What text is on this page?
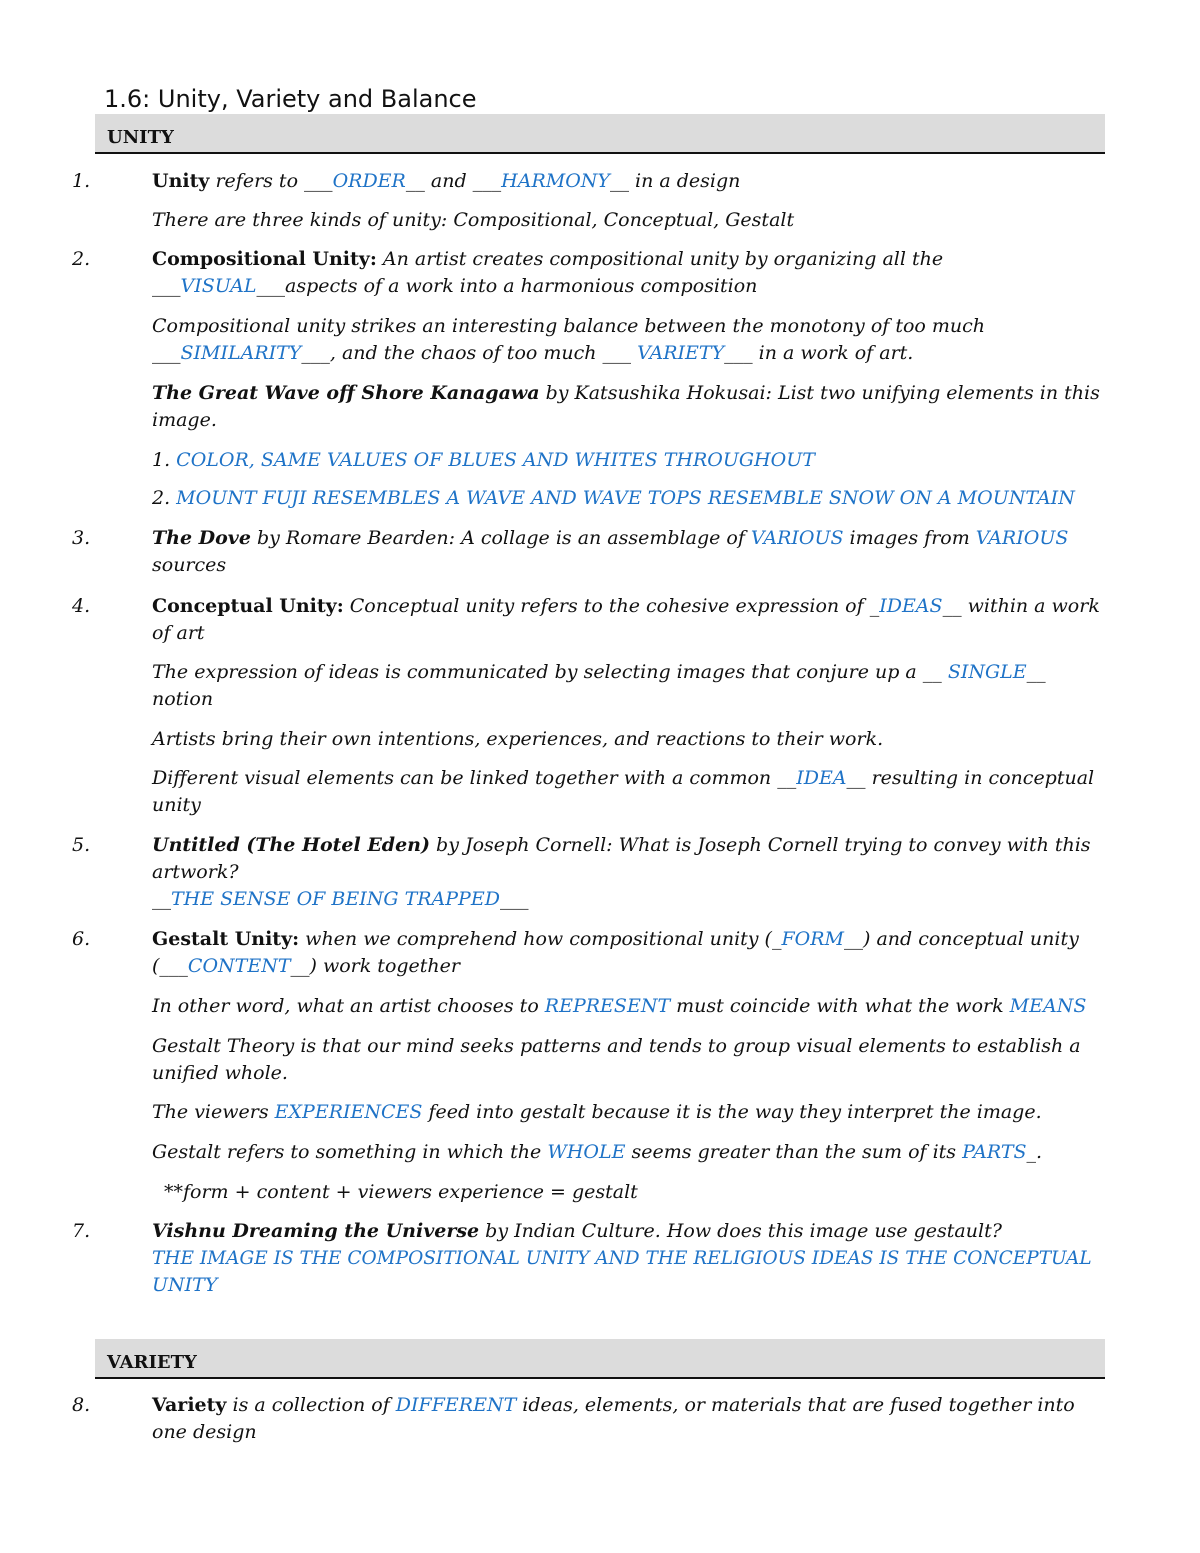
1.6: Unity, Variety and Balance
UNITY
1.	Unity refers to ___ORDER__ and ___HARMONY__ in a design
There are three kinds of unity: Compositional, Conceptual, Gestalt
2.	Compositional Unity: An artist creates compositional unity by organizing all the
___VISUAL___aspects of a work into a harmonious composition
Compositional unity strikes an interesting balance between the monotony of too much
___SIMILARITY___, and the chaos of too much ___ VARIETY___ in a work of art.
The Great Wave off Shore Kanagawa by Katsushika Hokusai: List two unifying elements in this
image.
1. COLOR, SAME VALUES OF BLUES AND WHITES THROUGHOUT
2. MOUNT FUJI RESEMBLES A WAVE AND WAVE TOPS RESEMBLE SNOW ON A MOUNTAIN
3.	The Dove by Romare Bearden: A collage is an assemblage of VARIOUS images from VARIOUS
sources
4.	Conceptual Unity: Conceptual unity refers to the cohesive expression of _IDEAS__ within a work
of art
The expression of ideas is communicated by selecting images that conjure up a __ SINGLE__
notion
Artists bring their own intentions, experiences, and reactions to their work.
Different visual elements can be linked together with a common __IDEA__ resulting in conceptual
unity
5.	Untitled (The Hotel Eden) by Joseph Cornell: What is Joseph Cornell trying to convey with this
artwork?
__THE SENSE OF BEING TRAPPED___
6.	Gestalt Unity: when we comprehend how compositional unity (_FORM__) and conceptual unity
(___CONTENT__) work together
In other word, what an artist chooses to REPRESENT must coincide with what the work MEANS
Gestalt Theory is that our mind seeks patterns and tends to group visual elements to establish a
unified whole.
The viewers EXPERIENCES feed into gestalt because it is the way they interpret the image.
Gestalt refers to something in which the WHOLE seems greater than the sum of its PARTS_.
**form + content + viewers experience = gestalt
7.	Vishnu Dreaming the Universe by Indian Culture. How does this image use gestault?
THE IMAGE IS THE COMPOSITIONAL UNITY AND THE RELIGIOUS IDEAS IS THE CONCEPTUAL
UNITY
VARIETY
8.	Variety is a collection of DIFFERENT ideas, elements, or materials that are fused together into
one design
